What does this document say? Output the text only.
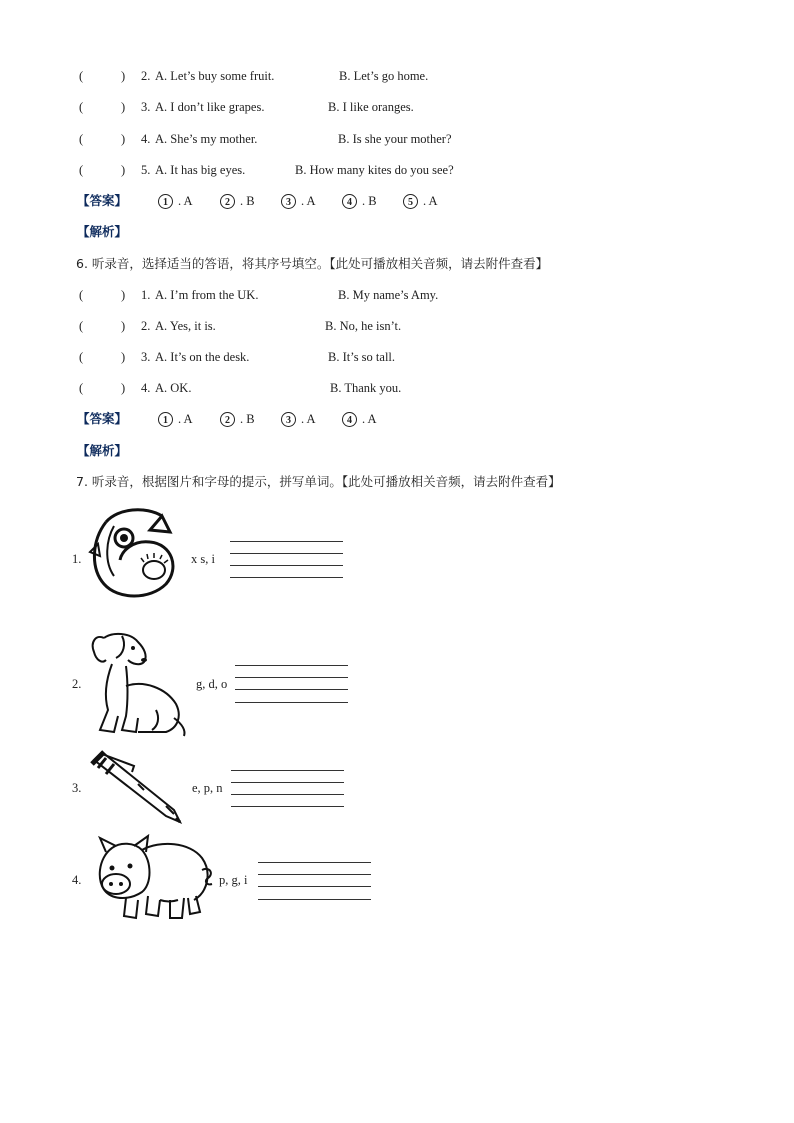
(	) 2. A. Let’s buy some fruit.	B. Let’s go home.
(	) 3. A. I don’t like grapes.	B. I like oranges.
(	) 4. A. She’s my mother.	B. Is she your mother?
(	) 5. A. It has big eyes.	B. How many kites do you see?
【答案】	1 . A	2 . B	3 . A	4 . B	5 . A
【解析】
6. 听录音，选择适当的答语，将其序号填空。【此处可播放相关音频，请去附件查看】
(	) 1. A. I’m from the UK.	B. My name’s Amy.
(	) 2. A. Yes, it is.	B. No, he isn’t.
(	) 3. A. It’s on the desk.	B. It’s so tall.
(	) 4. A. OK.	B. Thank you.
【答案】	1 . A	2 . B	3 . A	4 . A
【解析】
7. 听录音，根据图片和字母的提示，拼写单词。【此处可播放相关音频，请去附件查看】
1.	x s, i
2.	g, d, o
3.	e, p, n
4.	p, g, i
